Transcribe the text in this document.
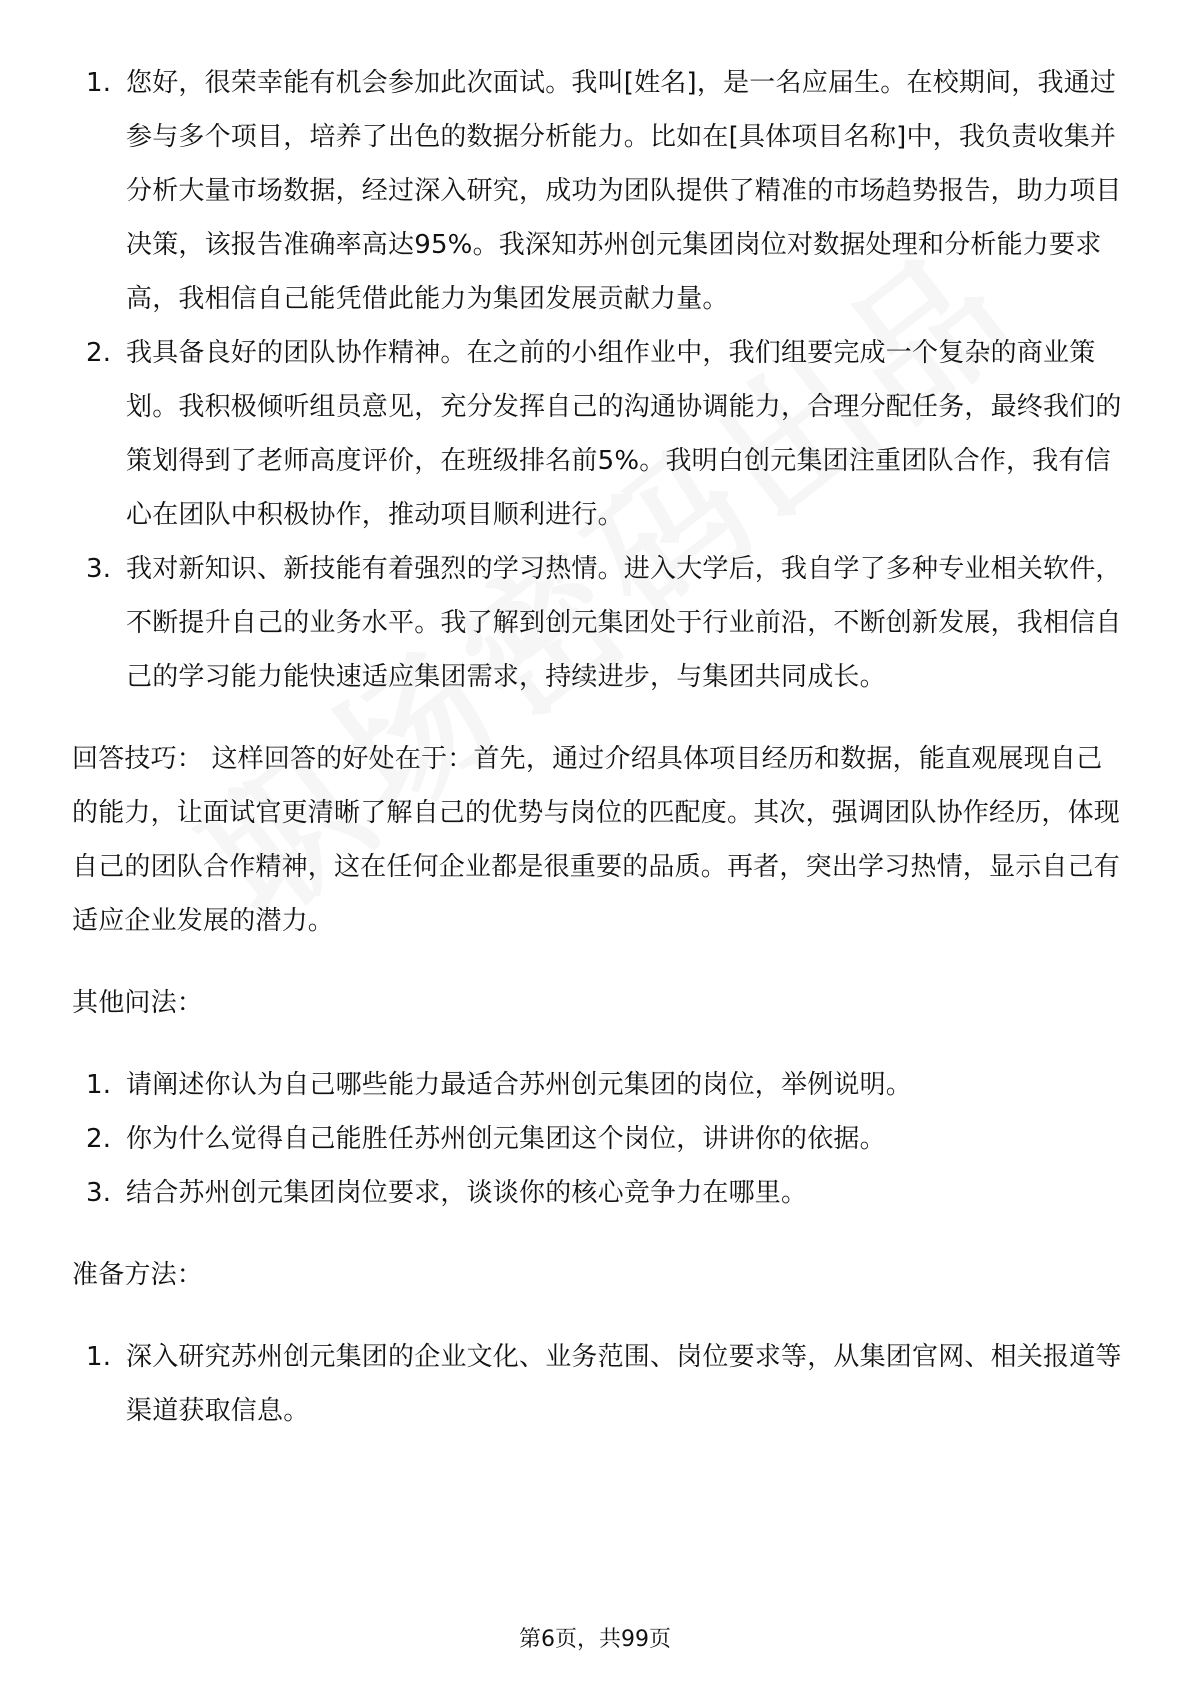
1. 您好，很荣幸能有机会参加此次面试。我叫[姓名]，是一名应届生。在校期间，我通过参与多个项目，培养了出色的数据分析能力。比如在[具体项目名称]中，我负责收集并分析大量市场数据，经过深入研究，成功为团队提供了精准的市场趋势报告，助力项目决策，该报告准确率高达95%。我深知苏州创元集团岗位对数据处理和分析能力要求高，我相信自己能凭借此能力为集团发展贡献力量。
2. 我具备良好的团队协作精神。在之前的小组作业中，我们组要完成一个复杂的商业策划。我积极倾听组员意见，充分发挥自己的沟通协调能力，合理分配任务，最终我们的策划得到了老师高度评价，在班级排名前5%。我明白创元集团注重团队合作，我有信心在团队中积极协作，推动项目顺利进行。
3. 我对新知识、新技能有着强烈的学习热情。进入大学后，我自学了多种专业相关软件，不断提升自己的业务水平。我了解到创元集团处于行业前沿，不断创新发展，我相信自己的学习能力能快速适应集团需求，持续进步，与集团共同成长。

回答技巧： 这样回答的好处在于：首先，通过介绍具体项目经历和数据，能直观展现自己的能力，让面试官更清晰了解自己的优势与岗位的匹配度。其次，强调团队协作经历，体现自己的团队合作精神，这在任何企业都是很重要的品质。再者，突出学习热情，显示自己有适应企业发展的潜力。

其他问法：

1. 请阐述你认为自己哪些能力最适合苏州创元集团的岗位，举例说明。
2. 你为什么觉得自己能胜任苏州创元集团这个岗位，讲讲你的依据。
3. 结合苏州创元集团岗位要求，谈谈你的核心竞争力在哪里。

准备方法：

1. 深入研究苏州创元集团的企业文化、业务范围、岗位要求等，从集团官网、相关报道等渠道获取信息。
第6页，共99页
